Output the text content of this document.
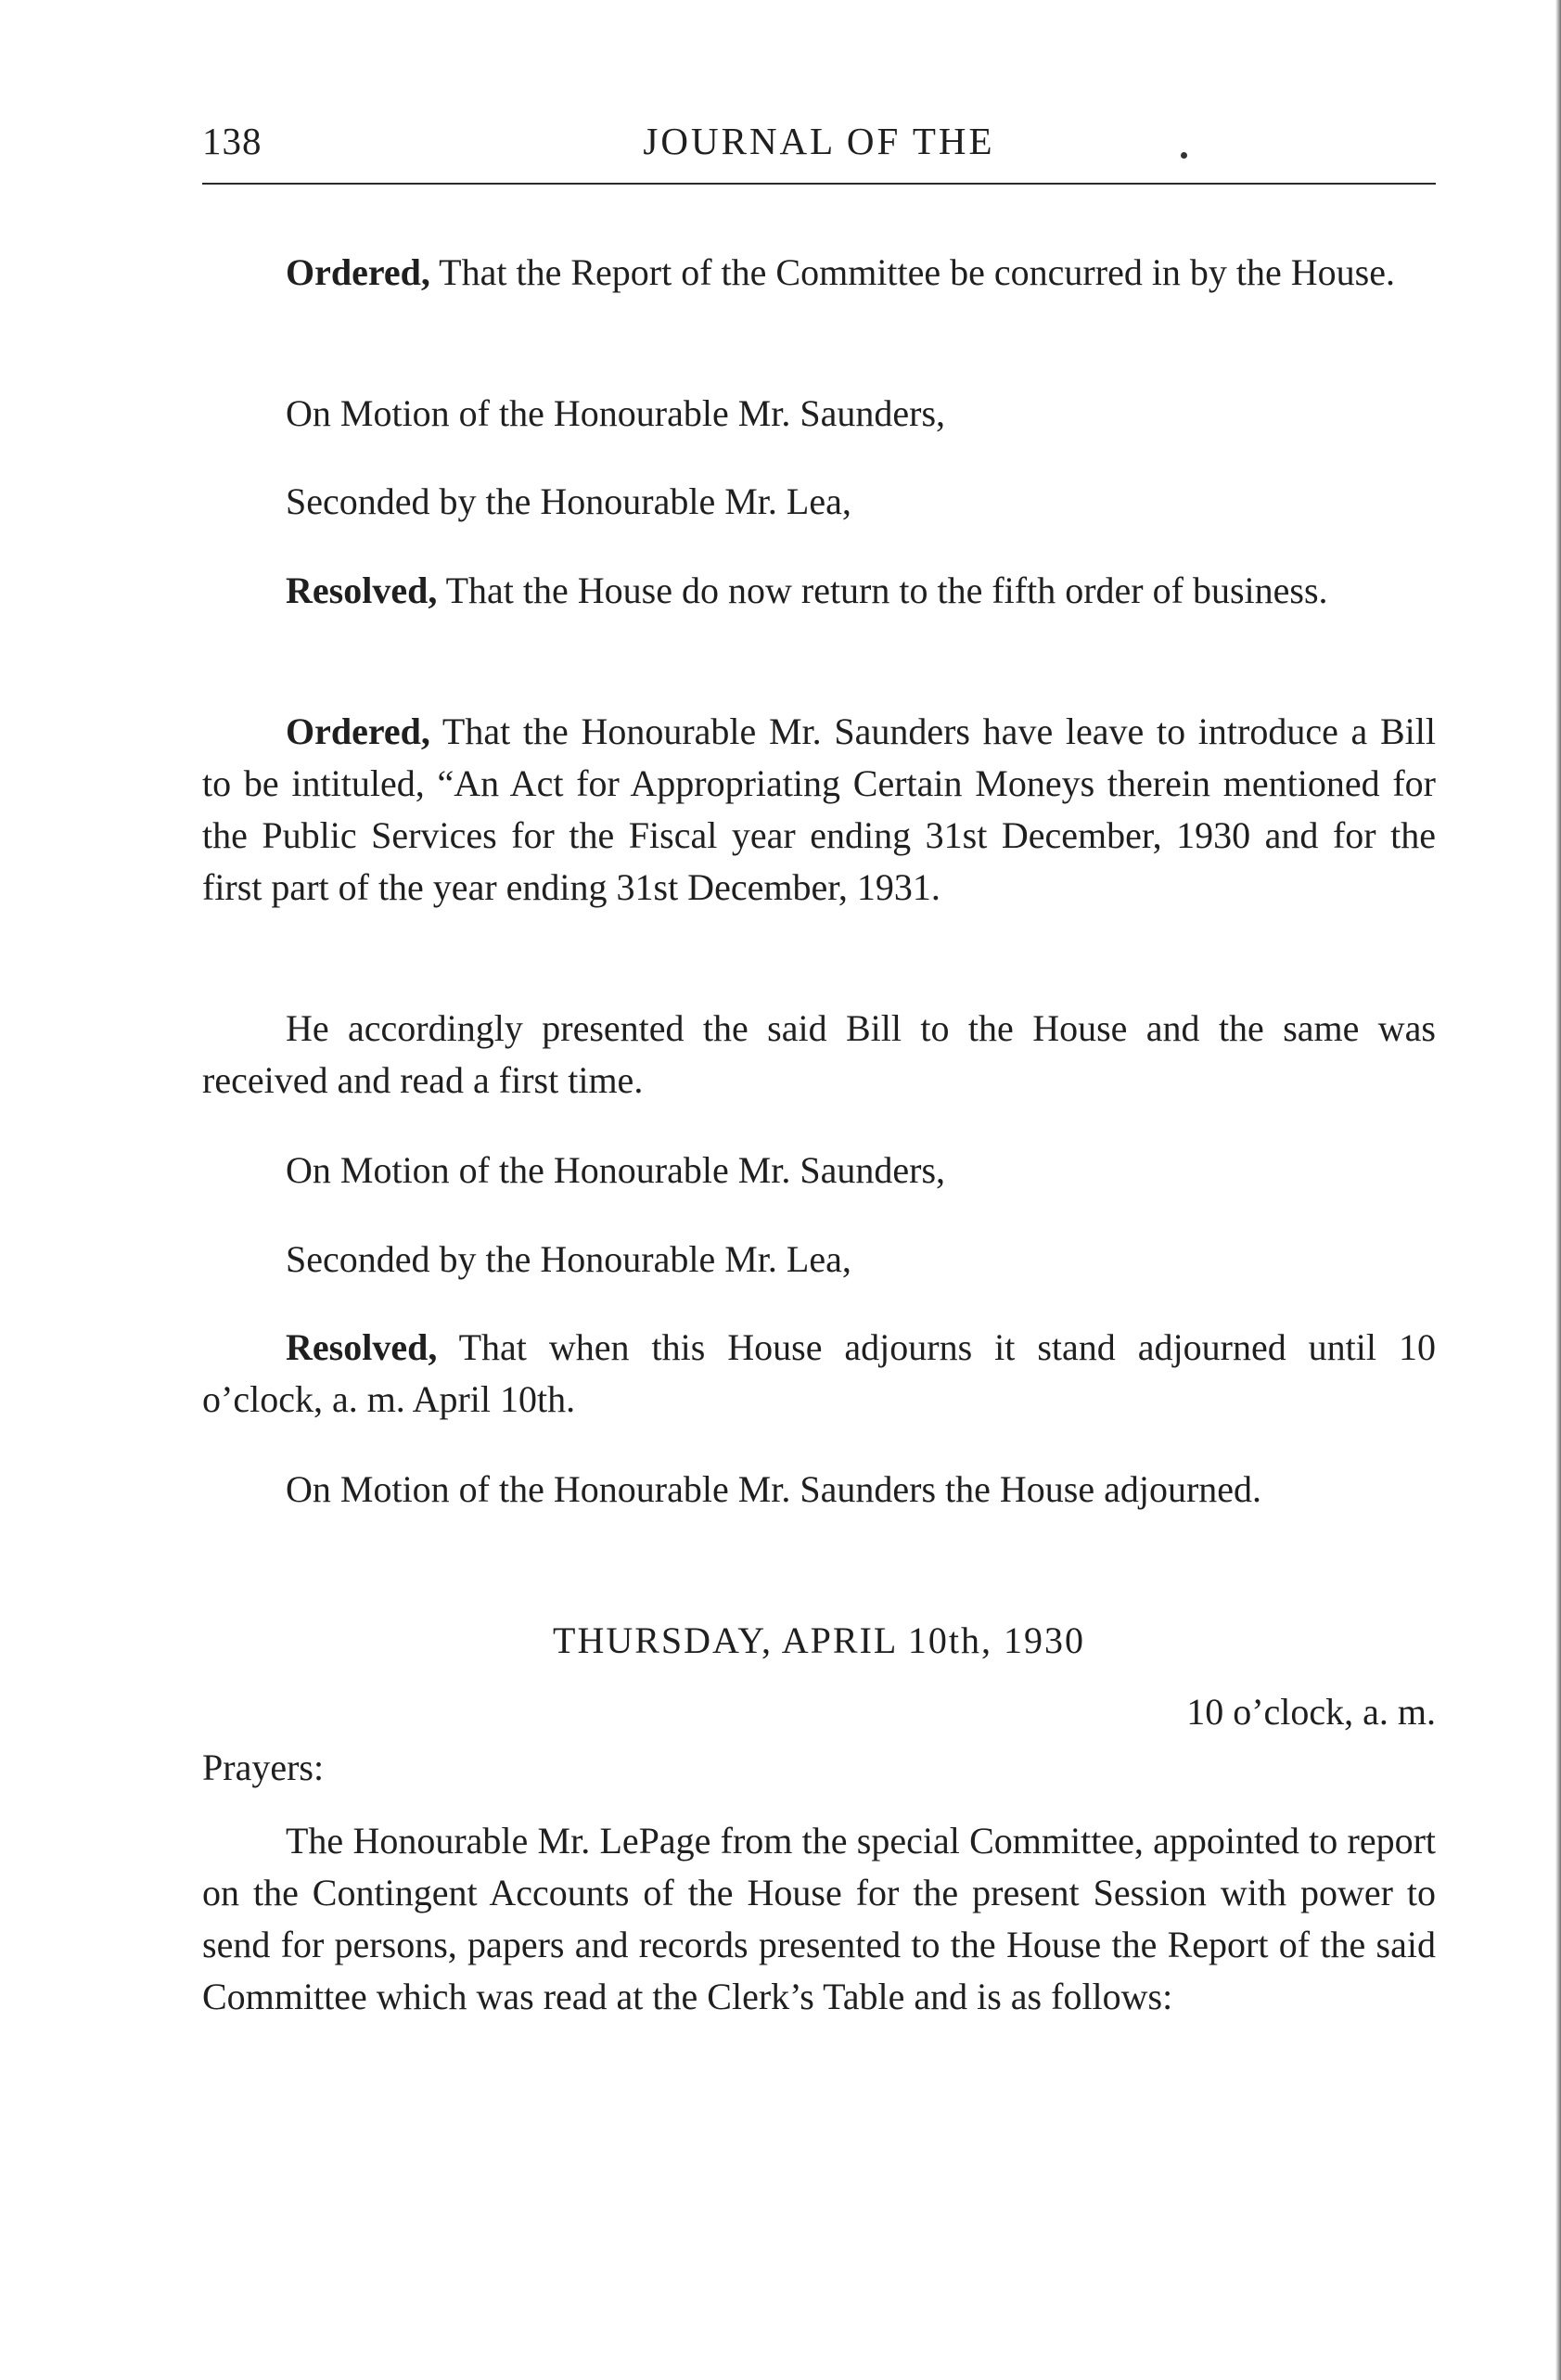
138	JOURNAL OF THE

Ordered, That the Report of the Committee be concurred in by the House.

On Motion of the Honourable Mr. Saunders,

Seconded by the Honourable Mr. Lea,

Resolved, That the House do now return to the fifth order of business.

Ordered, That the Honourable Mr. Saunders have leave to introduce a Bill to be intituled, “An Act for Appropriating Certain Moneys therein mentioned for the Public Services for the Fiscal year ending 31st December, 1930 and for the first part of the year ending 31st December, 1931.

He accordingly presented the said Bill to the House and the same was received and read a first time.

On Motion of the Honourable Mr. Saunders,

Seconded by the Honourable Mr. Lea,

Resolved, That when this House adjourns it stand adjourned until 10 o’clock, a. m. April 10th.

On Motion of the Honourable Mr. Saunders the House adjourned.

THURSDAY, APRIL 10th, 1930
10 o’clock, a. m.
Prayers:

The Honourable Mr. LePage from the special Committee, appointed to report on the Contingent Accounts of the House for the present Session with power to send for persons, papers and records presented to the House the Report of the said Committee which was read at the Clerk’s Table and is as follows:
